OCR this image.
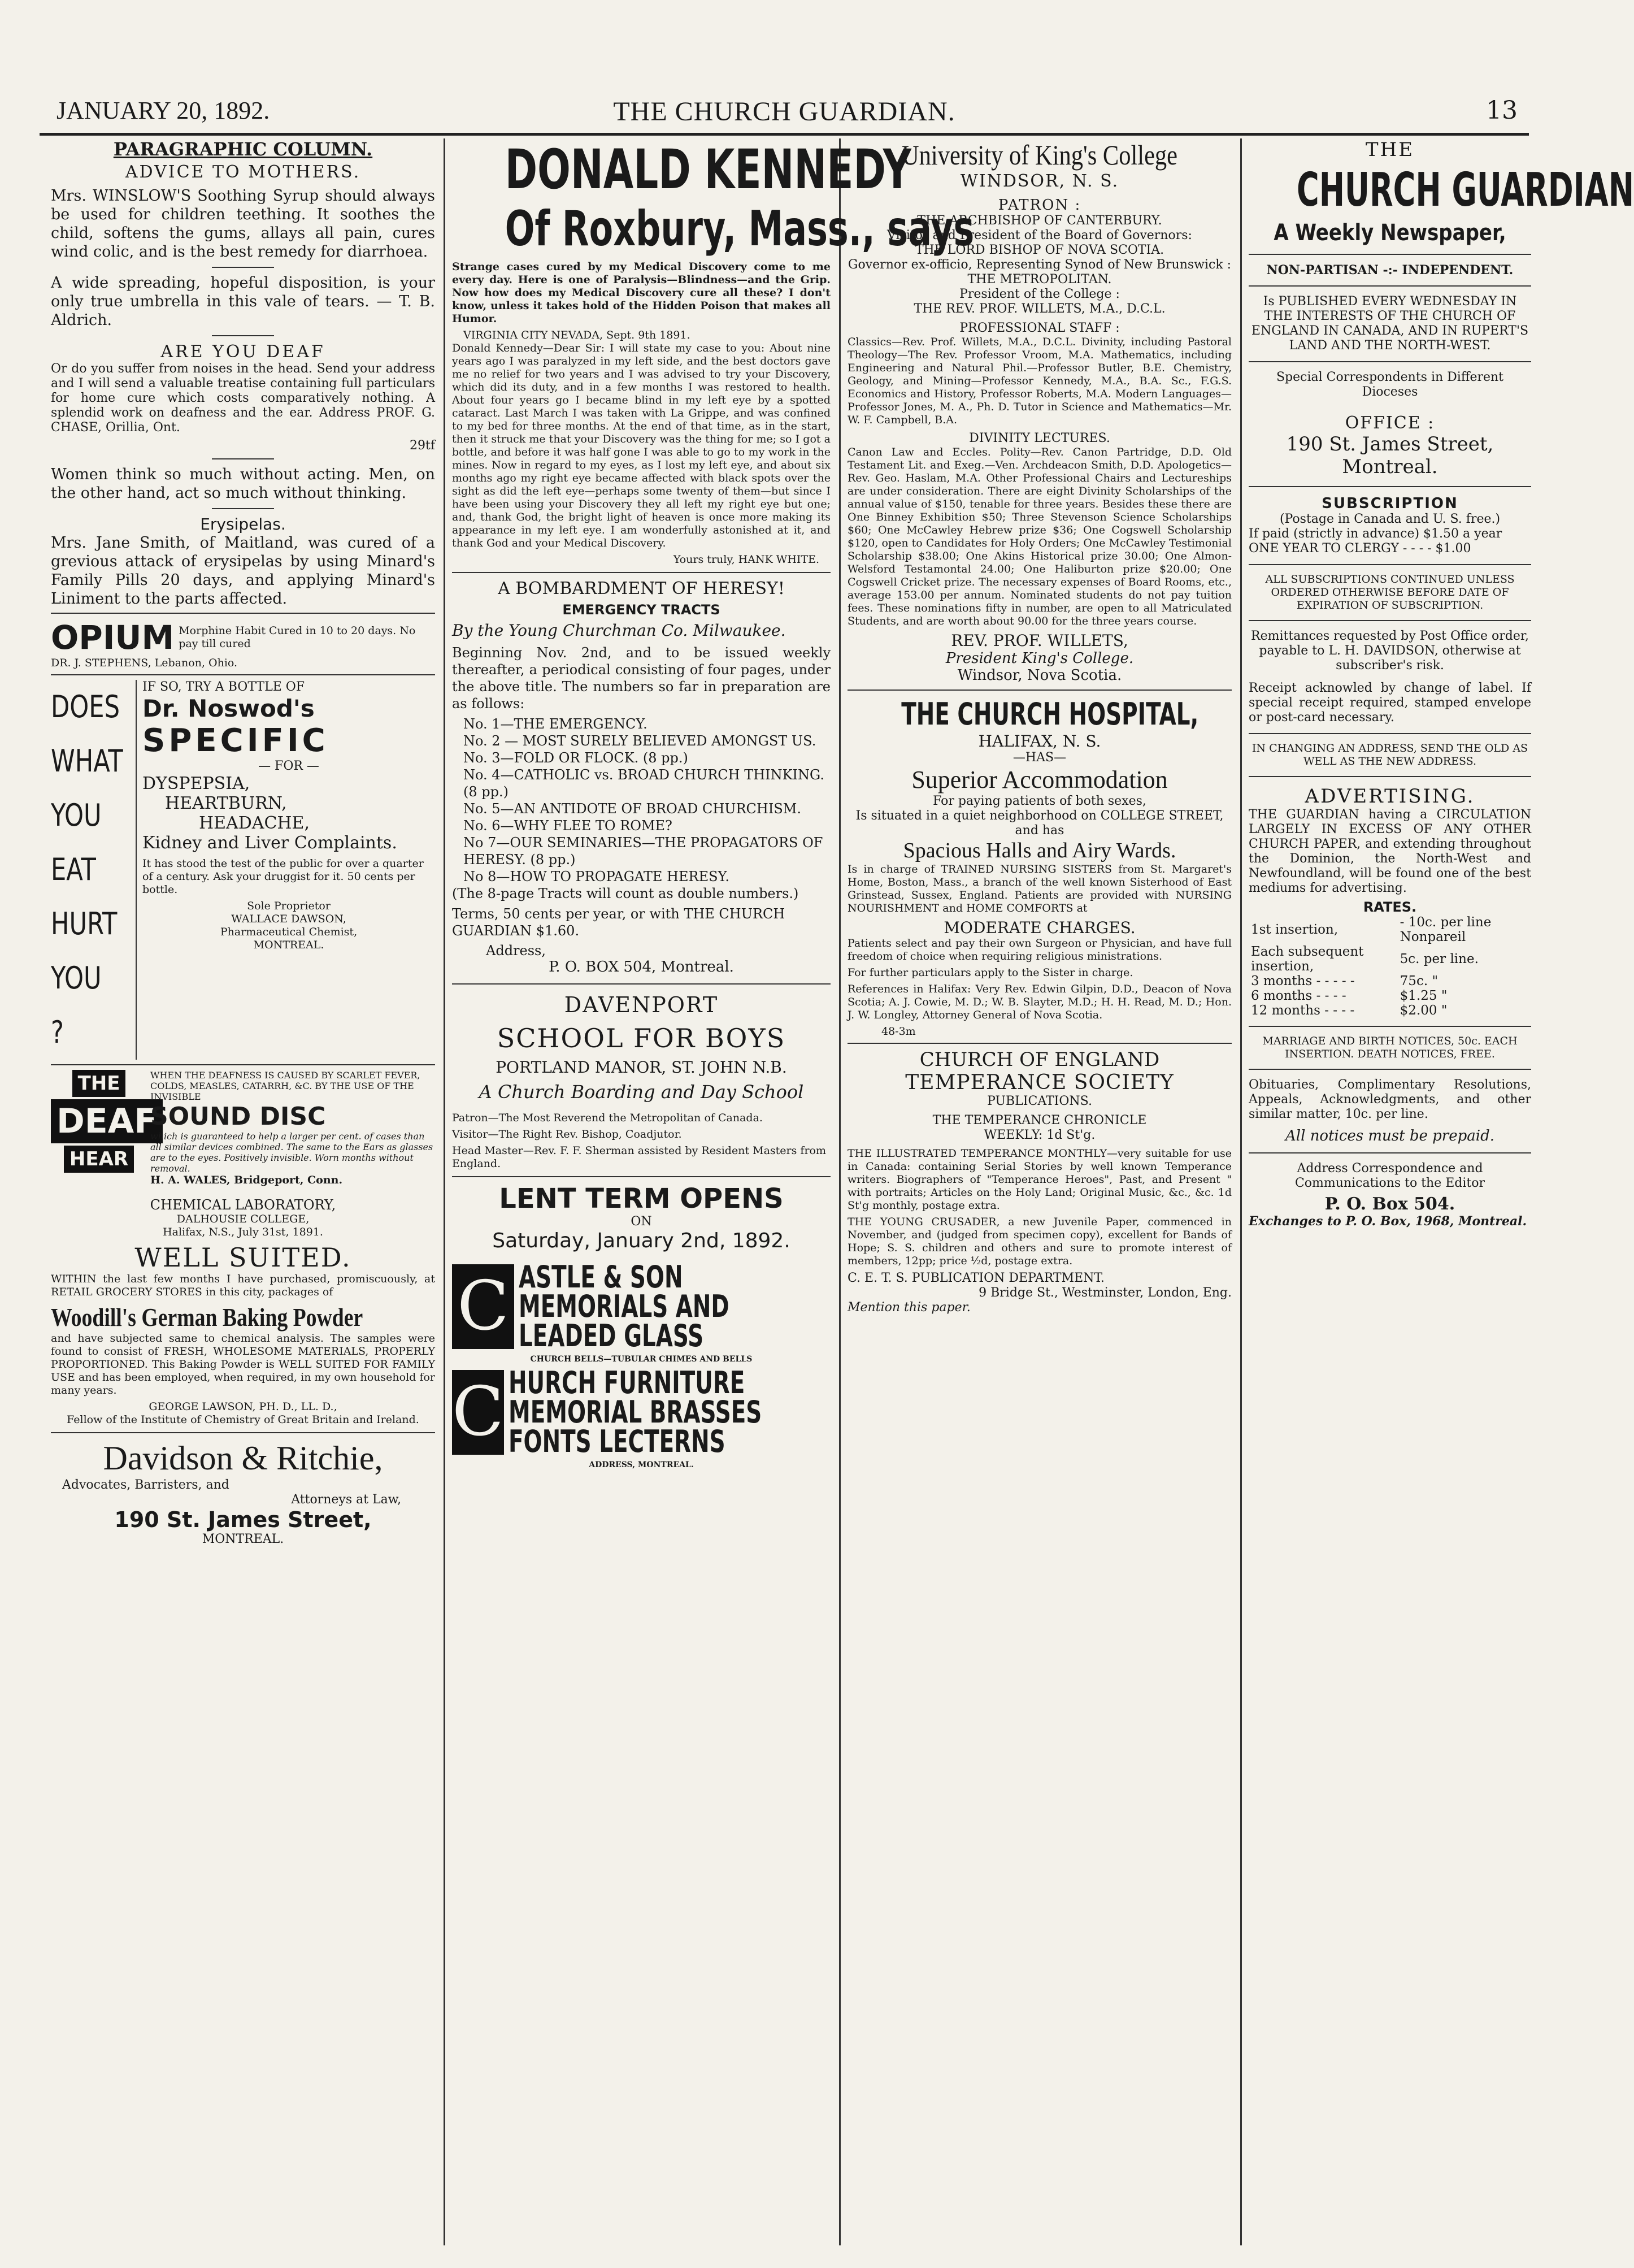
JANUARY 20, 1892.	THE CHURCH GUARDIAN.	13
PARAGRAPHIC COLUMN.
ADVICE TO MOTHERS.

Mrs. WINSLOW'S Soothing Syrup should always be used for children teething. It soothes the child, softens the gums, allays all pain, cures wind colic, and is the best remedy for diarrhoea.

A wide spreading, hopeful disposition, is your only true umbrella in this vale of tears. — T. B. Aldrich.

ARE YOU DEAF

Or do you suffer from noises in the head. Send your address and I will send a valuable treatise containing full particulars for home cure which costs comparatively nothing. A splendid work on deafness and the ear. Address PROF. G. CHASE, Orillia, Ont.

29tf

Women think so much without acting. Men, on the other hand, act so much without thinking.

Erysipelas.

Mrs. Jane Smith, of Maitland, was cured of a grevious attack of erysipelas by using Minard's Family Pills 20 days, and applying Minard's Liniment to the parts affected.

OPIUM Morphine Habit Cured in 10 to 20 days. No pay till cured
DR. J. STEPHENS, Lebanon, Ohio.
DOES
WHAT
YOU
EAT
HURT
YOU ?
IF SO, TRY A BOTTLE OF
Dr. Noswod's
SPECIFIC
— FOR —
DYSPEPSIA,
HEARTBURN,
HEADACHE,
Kidney and Liver Complaints.

It has stood the test of the public for over a quarter of a century. Ask your druggist for it. 50 cents per bottle.

Sole Proprietor
WALLACE DAWSON,
Pharmaceutical Chemist,
MONTREAL.
THE DEAF HEAR
WHEN THE DEAFNESS IS CAUSED BY SCARLET FEVER, COLDS, MEASLES, CATARRH, &C. BY THE USE OF THE INVISIBLE
SOUND DISC
which is guaranteed to help a larger per cent. of cases than all similar devices combined. The same to the Ears as glasses are to the eyes. Positively invisible. Worn months without removal.
H. A. WALES, Bridgeport, Conn.
CHEMICAL LABORATORY,
DALHOUSIE COLLEGE,
Halifax, N.S., July 31st, 1891.
WELL SUITED.

WITHIN the last few months I have purchased, promiscuously, at RETAIL GROCERY STORES in this city, packages of

Woodill's German Baking Powder

and have subjected same to chemical analysis. The samples were found to consist of FRESH, WHOLESOME MATERIALS, PROPERLY PROPORTIONED. This Baking Powder is WELL SUITED FOR FAMILY USE and has been employed, when required, in my own household for many years.

GEORGE LAWSON, PH. D., LL. D.,
Fellow of the Institute of Chemistry of Great Britain and Ireland.
Davidson & Ritchie,
Advocates, Barristers, and
Attorneys at Law,
190 St. James Street,
MONTREAL.
DONALD KENNEDY
Of Roxbury, Mass., says

Strange cases cured by my Medical Discovery come to me every day. Here is one of Paralysis—Blindness—and the Grip. Now how does my Medical Discovery cure all these? I don't know, unless it takes hold of the Hidden Poison that makes all Humor.

VIRGINIA CITY NEVADA, Sept. 9th 1891.

Donald Kennedy—Dear Sir: I will state my case to you: About nine years ago I was paralyzed in my left side, and the best doctors gave me no relief for two years and I was advised to try your Discovery, which did its duty, and in a few months I was restored to health. About four years go I became blind in my left eye by a spotted cataract. Last March I was taken with La Grippe, and was confined to my bed for three months. At the end of that time, as in the start, then it struck me that your Discovery was the thing for me; so I got a bottle, and before it was half gone I was able to go to my work in the mines. Now in regard to my eyes, as I lost my left eye, and about six months ago my right eye became affected with black spots over the sight as did the left eye—perhaps some twenty of them—but since I have been using your Discovery they all left my right eye but one; and, thank God, the bright light of heaven is once more making its appearance in my left eye. I am wonderfully astonished at it, and thank God and your Medical Discovery.

Yours truly, HANK WHITE.
A BOMBARDMENT OF HERESY!
EMERGENCY TRACTS
By the Young Churchman Co. Milwaukee.

Beginning Nov. 2nd, and to be issued weekly thereafter, a periodical consisting of four pages, under the above title. The numbers so far in preparation are as follows:

No. 1—THE EMERGENCY.
No. 2 — MOST SURELY BELIEVED AMONGST US.
No. 3—FOLD OR FLOCK. (8 pp.)
No. 4—CATHOLIC vs. BROAD CHURCH THINKING. (8 pp.)
No. 5—AN ANTIDOTE OF BROAD CHURCHISM.
No. 6—WHY FLEE TO ROME?
No 7—OUR SEMINARIES—THE PROPAGATORS OF HERESY. (8 pp.)
No 8—HOW TO PROPAGATE HERESY.

(The 8-page Tracts will count as double numbers.)

Terms, 50 cents per year, or with THE CHURCH GUARDIAN $1.60.

Address,
P. O. BOX 504, Montreal.
DAVENPORT
SCHOOL FOR BOYS
PORTLAND MANOR, ST. JOHN N.B.
A Church Boarding and Day School

Patron—The Most Reverend the Metropolitan of Canada.

Visitor—The Right Rev. Bishop, Coadjutor.

Head Master—Rev. F. F. Sherman assisted by Resident Masters from England.

LENT TERM OPENS
ON
Saturday, January 2nd, 1892.
C ASTLE & SON
MEMORIALS AND
LEADED GLASS
CHURCH BELLS—TUBULAR CHIMES AND BELLS
C HURCH FURNITURE
MEMORIAL BRASSES
FONTS LECTERNS
ADDRESS, MONTREAL.
University of King's College
WINDSOR, N. S.
PATRON :
THE ARCHBISHOP OF CANTERBURY.
Visitor and President of the Board of Governors:
THE LORD BISHOP OF NOVA SCOTIA.
Governor ex-officio, Representing Synod of New Brunswick :
THE METROPOLITAN.
President of the College :
THE REV. PROF. WILLETS, M.A., D.C.L.
PROFESSIONAL STAFF :

Classics—Rev. Prof. Willets, M.A., D.C.L. Divinity, including Pastoral Theology—The Rev. Professor Vroom, M.A. Mathematics, including Engineering and Natural Phil.—Professor Butler, B.E. Chemistry, Geology, and Mining—Professor Kennedy, M.A., B.A. Sc., F.G.S. Economics and History, Professor Roberts, M.A. Modern Languages—Professor Jones, M. A., Ph. D. Tutor in Science and Mathematics—Mr. W. F. Campbell, B.A.

DIVINITY LECTURES.

Canon Law and Eccles. Polity—Rev. Canon Partridge, D.D. Old Testament Lit. and Exeg.—Ven. Archdeacon Smith, D.D. Apologetics—Rev. Geo. Haslam, M.A. Other Professional Chairs and Lectureships are under consideration. There are eight Divinity Scholarships of the annual value of $150, tenable for three years. Besides these there are One Binney Exhibition $50; Three Stevenson Science Scholarships $60; One McCawley Hebrew prize $36; One Cogswell Scholarship $120, open to Candidates for Holy Orders; One McCawley Testimonial Scholarship $38.00; One Akins Historical prize 30.00; One Almon-Welsford Testamontal 24.00; One Haliburton prize $20.00; One Cogswell Cricket prize. The necessary expenses of Board Rooms, etc., average 153.00 per annum. Nominated students do not pay tuition fees. These nominations fifty in number, are open to all Matriculated Students, and are worth about 90.00 for the three years course.

REV. PROF. WILLETS,
President King's College.
Windsor, Nova Scotia.
THE CHURCH HOSPITAL,
HALIFAX, N. S.
—HAS—
Superior Accommodation
For paying patients of both sexes,
Is situated in a quiet neighborhood on COLLEGE STREET, and has
Spacious Halls and Airy Wards.

Is in charge of TRAINED NURSING SISTERS from St. Margaret's Home, Boston, Mass., a branch of the well known Sisterhood of East Grinstead, Sussex, England. Patients are provided with NURSING NOURISHMENT and HOME COMFORTS at

MODERATE CHARGES.

Patients select and pay their own Surgeon or Physician, and have full freedom of choice when requiring religious ministrations.

For further particulars apply to the Sister in charge.

References in Halifax: Very Rev. Edwin Gilpin, D.D., Deacon of Nova Scotia; A. J. Cowie, M. D.; W. B. Slayter, M.D.; H. H. Read, M. D.; Hon. J. W. Longley, Attorney General of Nova Scotia.

48-3m
CHURCH OF ENGLAND
TEMPERANCE SOCIETY
PUBLICATIONS.
THE TEMPERANCE CHRONICLE
WEEKLY: 1d St'g.

THE ILLUSTRATED TEMPERANCE MONTHLY—very suitable for use in Canada: containing Serial Stories by well known Temperance writers. Biographers of "Temperance Heroes", Past, and Present " with portraits; Articles on the Holy Land; Original Music, &c., &c. 1d St'g monthly, postage extra.

THE YOUNG CRUSADER, a new Juvenile Paper, commenced in November, and (judged from specimen copy), excellent for Bands of Hope; S. S. children and others and sure to promote interest of members, 12pp; price ½d, postage extra.

C. E. T. S. PUBLICATION DEPARTMENT.
9 Bridge St., Westminster, London, Eng.
Mention this paper.
THE
CHURCH GUARDIAN
A Weekly Newspaper,
NON-PARTISAN -:- INDEPENDENT.

Is PUBLISHED EVERY WEDNESDAY IN THE INTERESTS OF THE CHURCH OF ENGLAND IN CANADA, AND IN RUPERT'S LAND AND THE NORTH-WEST.

Special Correspondents in Different Dioceses
OFFICE :
190 St. James Street, Montreal.
SUBSCRIPTION
(Postage in Canada and U. S. free.)
If paid (strictly in advance) $1.50 a year
ONE YEAR TO CLERGY - - - - $1.00

ALL SUBSCRIPTIONS CONTINUED UNLESS ORDERED OTHERWISE BEFORE DATE OF EXPIRATION OF SUBSCRIPTION.

Remittances requested by Post Office order, payable to L. H. DAVIDSON, otherwise at subscriber's risk.

Receipt acknowled by change of label. If special receipt required, stamped envelope or post-card necessary.

IN CHANGING AN ADDRESS, SEND THE OLD AS WELL AS THE NEW ADDRESS.

ADVERTISING.

THE GUARDIAN having a CIRCULATION LARGELY IN EXCESS OF ANY OTHER CHURCH PAPER, and extending throughout the Dominion, the North-West and Newfoundland, will be found one of the best mediums for advertising.

RATES.
1st insertion,	- 10c. per line Nonpareil
Each subsequent insertion,	5c. per line.
3 months - - - - -	75c. "
6 months - - - -	$1.25 "
12 months - - - -	$2.00 "

MARRIAGE AND BIRTH NOTICES, 50c. EACH INSERTION. DEATH NOTICES, FREE.

Obituaries, Complimentary Resolutions, Appeals, Acknowledgments, and other similar matter, 10c. per line.

All notices must be prepaid.

Address Correspondence and Communications to the Editor

P. O. Box 504.
Exchanges to P. O. Box, 1968, Montreal.
